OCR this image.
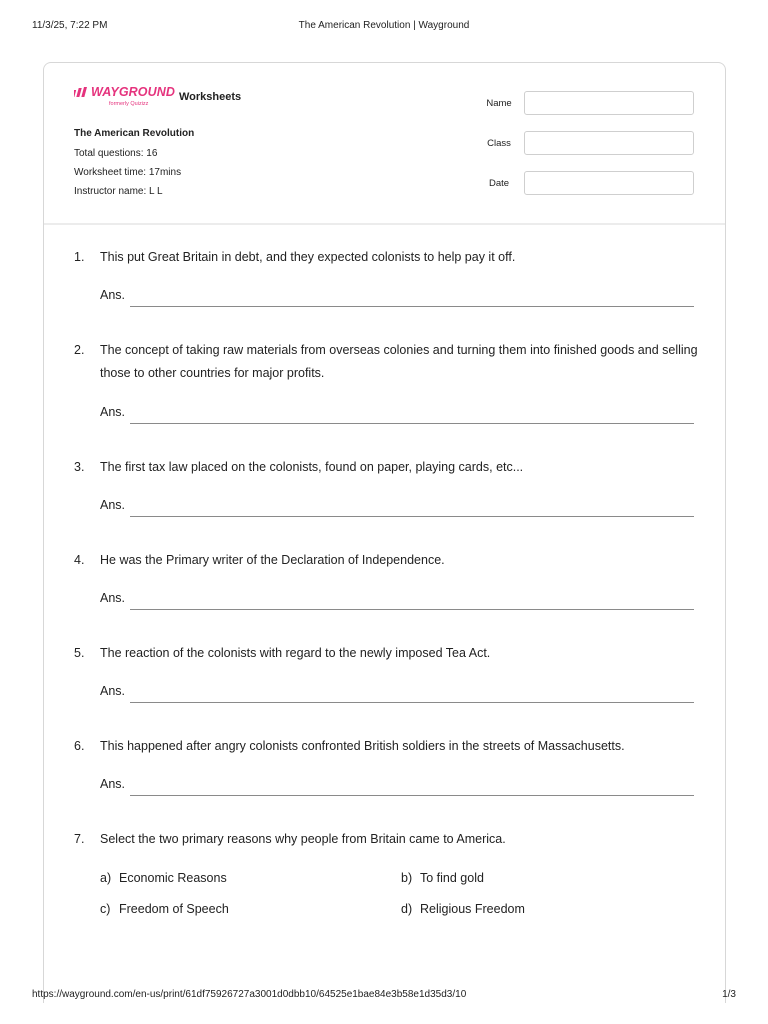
11/3/25, 7:22 PM	The American Revolution | Wayground
WAYGROUND
formerly Quizizz
Worksheets
The American Revolution
Total questions: 16
Worksheet time: 17mins
Instructor name: L L
Name
Class
Date
1. This put Great Britain in debt, and they expected colonists to help pay it off.
Ans.
2. The concept of taking raw materials from overseas colonies and turning them into finished goods and selling those to other countries for major profits.
Ans.
3. The first tax law placed on the colonists, found on paper, playing cards, etc...
Ans.
4. He was the Primary writer of the Declaration of Independence.
Ans.
5. The reaction of the colonists with regard to the newly imposed Tea Act.
Ans.
6. This happened after angry colonists confronted British soldiers in the streets of Massachusetts.
Ans.
7. Select the two primary reasons why people from Britain came to America.
a) Economic Reasons	b) To find gold
c) Freedom of Speech	d) Religious Freedom
https://wayground.com/en-us/print/61df75926727a3001d0dbb10/64525e1bae84e3b58e1d35d3/10	1/3
